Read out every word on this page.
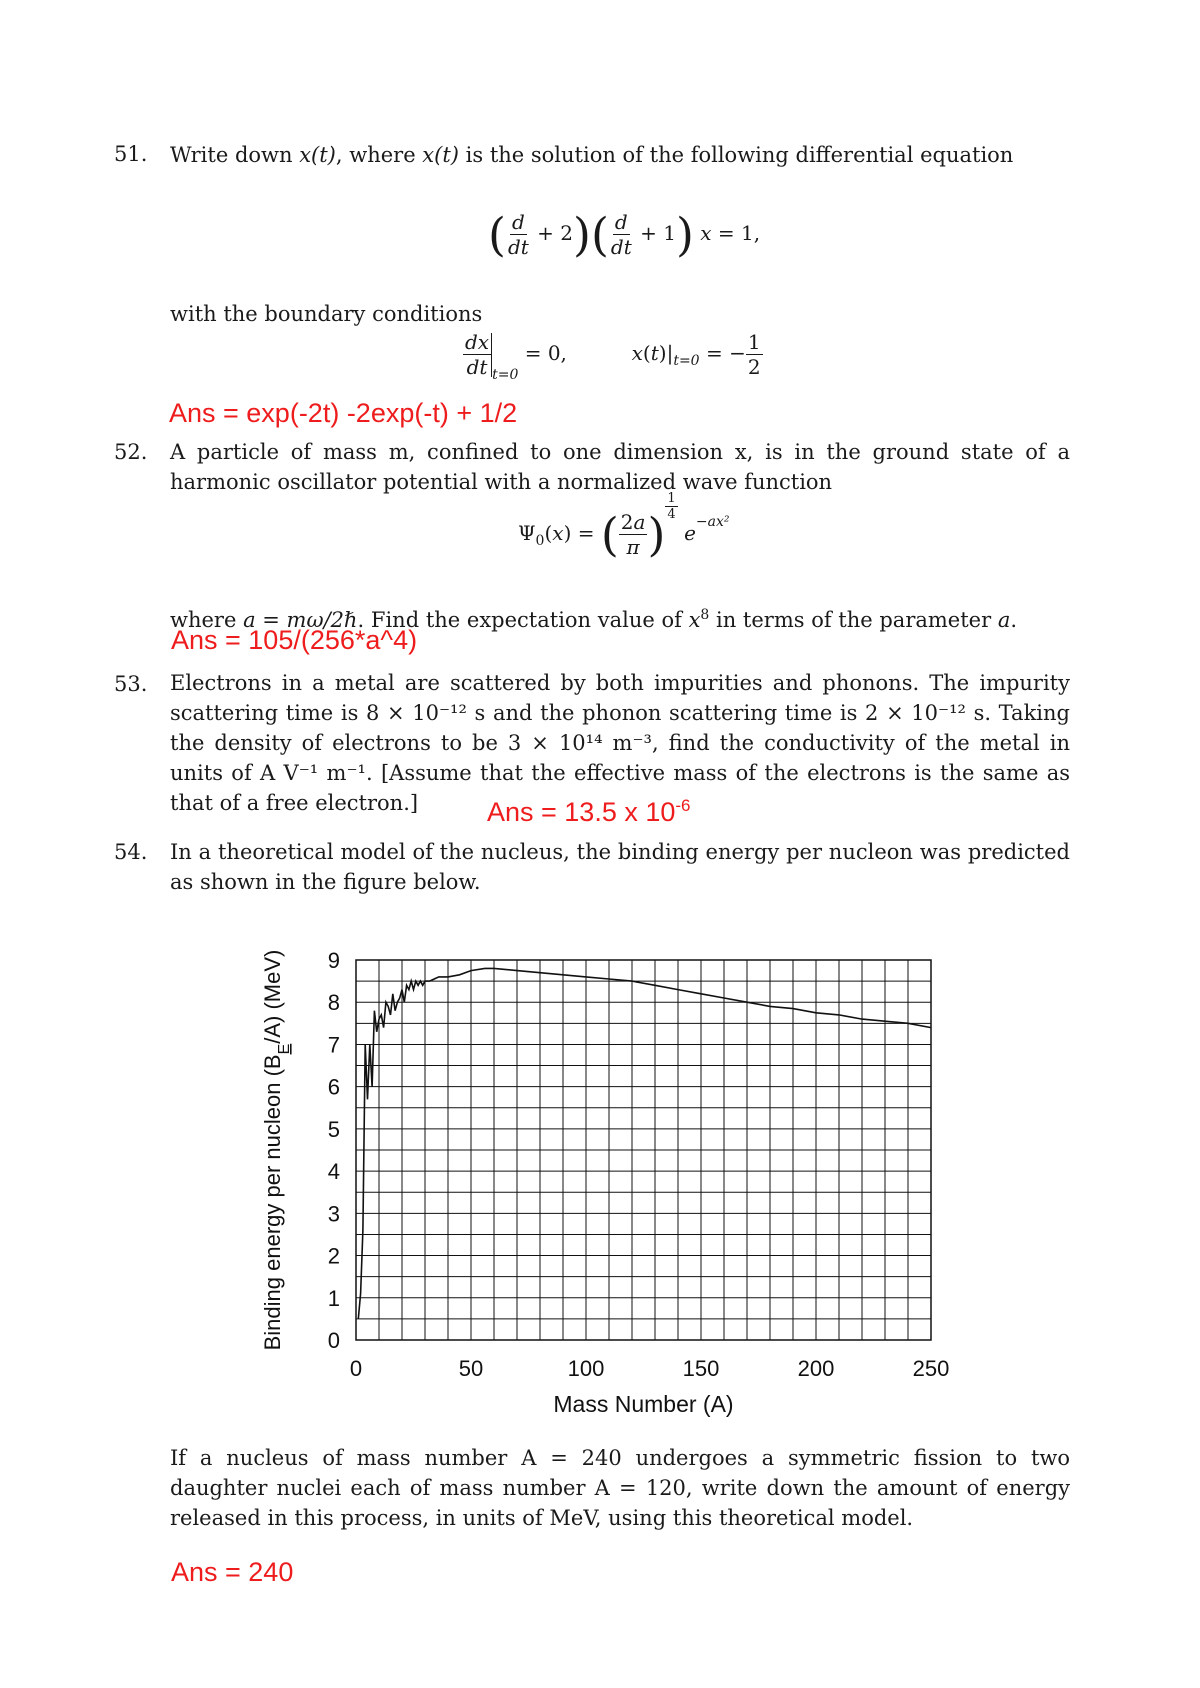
51. Write down x(t), where x(t) is the solution of the following differential equation
( $\frac{d}{dt} + 2)( \frac{d}{dt} + 1)$ x = 1,
with the boundary conditions
$\frac{dx}{dt} _{t=0} = 0$,	$x(t)|_{t=0}$ = − $\frac{1}{2}$
Ans = exp(-2t) -2exp(-t) + 1/2
52. A particle of mass m, confined to one dimension x, is in the ground state of a harmonic oscillator potential with a normalized wave function
$\Psi_0(x)$ = ( $\frac{2a}{\pi}$ )
$^{\frac{1}{4}}$
$e^{-ax^2}$
where a = mω/2ℏ. Find the expectation value of $x^8$ in terms of the parameter a.
Ans = 105/(256*a^4)
53. Electrons in a metal are scattered by both impurities and phonons. The impurity scattering time is 8 × 10⁻¹² s and the phonon scattering time is 2 × 10⁻¹² s. Taking the density of electrons to be 3 × 10¹⁴ m⁻³, find the conductivity of the metal in units of A V⁻¹ m⁻¹. [Assume that the effective mass of the electrons is the same as that of a free electron.]	Ans = 13.5 x $10^{-6}$
54. In a theoretical model of the nucleus, the binding energy per nucleon was predicted as shown in the figure below.
0	50	100	150	200	250
0
1
2
3
4
5
6
7
8
9
Mass Number (A)
Binding energy per nucleon $(B_E/A)$ (MeV)
If a nucleus of mass number A = 240 undergoes a symmetric fission to two daughter nuclei each of mass number A = 120, write down the amount of energy released in this process, in units of MeV, using this theoretical model.
Ans = 240
